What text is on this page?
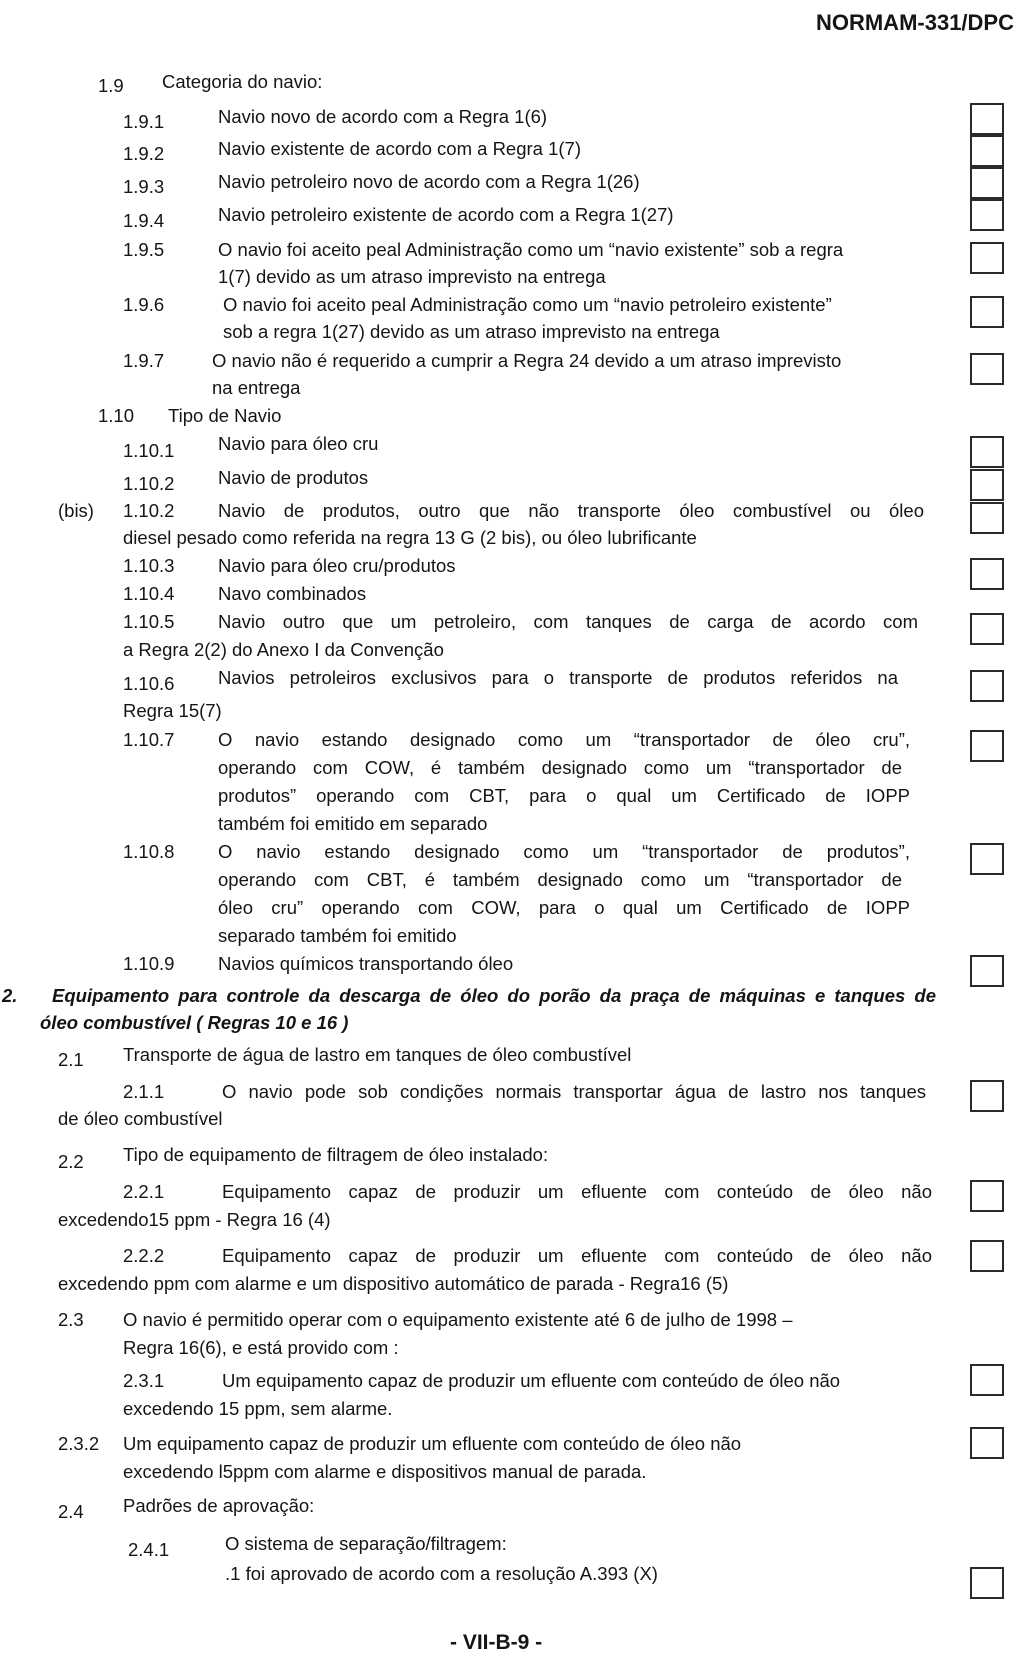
NORMAM-331/DPC
1.9 Categoria do navio:
1.9.1	Navio novo de acordo com a Regra 1(6)
1.9.2	Navio existente de acordo com a Regra 1(7)
1.9.3	Navio petroleiro novo de acordo com a Regra 1(26)
1.9.4	Navio petroleiro existente de acordo com a Regra 1(27)
1.9.5	O navio foi aceito peal Administração como um “navio existente” sob a regra
1(7) devido as um atraso imprevisto na entrega
1.9.6	O navio foi aceito peal Administração como um “navio petroleiro existente”
sob a regra 1(27) devido as um atraso imprevisto na entrega
1.9.7	O navio não é requerido a cumprir a Regra 24 devido a um atraso imprevisto
na entrega
1.10 Tipo de Navio
1.10.1 Navio para óleo cru
1.10.2 Navio de produtos
(bis) 1.10.2 Navio de produtos, outro que não transporte óleo combustível ou óleo
diesel pesado como referida na regra 13 G (2 bis), ou óleo lubrificante
1.10.3 Navio para óleo cru/produtos
1.10.4 Navo combinados
1.10.5 Navio outro que um petroleiro, com tanques de carga de acordo com
a Regra 2(2) do Anexo I da Convenção
1.10.6 Navios petroleiros exclusivos para o transporte de produtos referidos na
Regra 15(7)
1.10.7 O navio estando designado como um “transportador de óleo cru”,
operando com COW, é também designado como um “transportador de
produtos” operando com CBT, para o qual um Certificado de IOPP
também foi emitido em separado
1.10.8 O navio estando designado como um “transportador de produtos”,
operando com CBT, é também designado como um “transportador de
óleo cru” operando com COW, para o qual um Certificado de IOPP
separado também foi emitido
1.10.9 Navios químicos transportando óleo
2. Equipamento para controle da descarga de óleo do porão da praça de máquinas e tanques de
óleo combustível ( Regras 10 e 16 )
2.1 Transporte de água de lastro em tanques de óleo combustível
2.1.1	O navio pode sob condições normais transportar água de lastro nos tanques
de óleo combustível
2.2 Tipo de equipamento de filtragem de óleo instalado:
2.2.1	Equipamento capaz de produzir um efluente com conteúdo de óleo não
excedendo15 ppm - Regra 16 (4)
2.2.2	Equipamento capaz de produzir um efluente com conteúdo de óleo não
excedendo ppm com alarme e um dispositivo automático de parada - Regra16 (5)
2.3 O navio é permitido operar com o equipamento existente até 6 de julho de 1998 –
Regra 16(6), e está provido com :
2.3.1	Um equipamento capaz de produzir um efluente com conteúdo de óleo não
excedendo 15 ppm, sem alarme.
2.3.2 Um equipamento capaz de produzir um efluente com conteúdo de óleo não
excedendo l5ppm com alarme e dispositivos manual de parada.
2.4 Padrões de aprovação:
2.4.1	O sistema de separação/filtragem:
.1 foi aprovado de acordo com a resolução A.393 (X)
- VII-B-9 -
